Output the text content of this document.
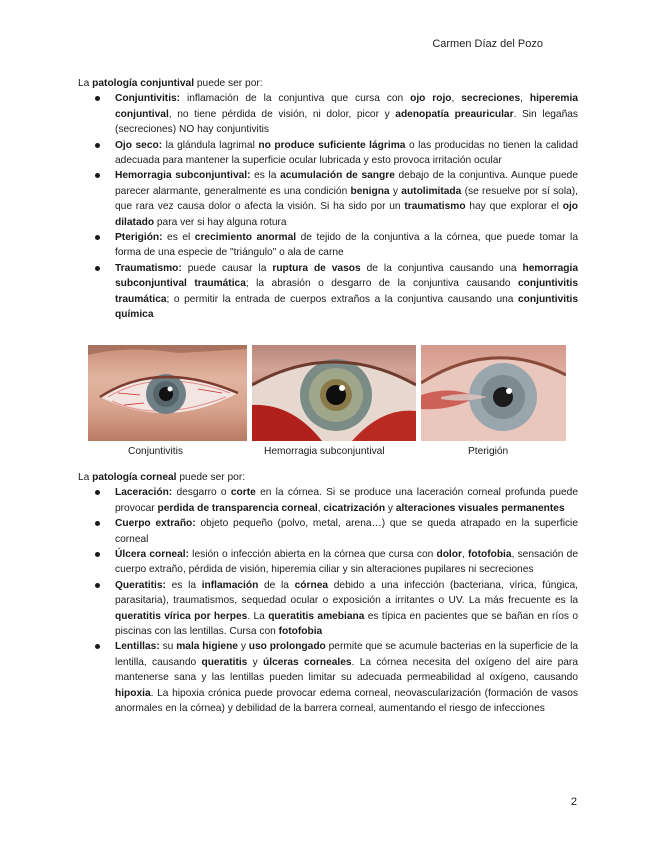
Carmen Díaz del Pozo

La patología conjuntival puede ser por:

Conjuntivitis: inflamación de la conjuntiva que cursa con ojo rojo, secreciones, hiperemia conjuntival, no tiene pérdida de visión, ni dolor, picor y adenopatía preauricular. Sin legañas (secreciones) NO hay conjuntivitis
Ojo seco: la glándula lagrimal no produce suficiente lágrima o las producidas no tienen la calidad adecuada para mantener la superficie ocular lubricada y esto provoca irritación ocular
Hemorragia subconjuntival: es la acumulación de sangre debajo de la conjuntiva. Aunque puede parecer alarmante, generalmente es una condición benigna y autolimitada (se resuelve por sí sola), que rara vez causa dolor o afecta la visión. Si ha sido por un traumatismo hay que explorar el ojo dilatado para ver si hay alguna rotura
Pterigión: es el crecimiento anormal de tejido de la conjuntiva a la córnea, que puede tomar la forma de una especie de "triángulo" o ala de carne
Traumatismo: puede causar la ruptura de vasos de la conjuntiva causando una hemorragia subconjuntival traumática; la abrasión o desgarro de la conjuntiva causando conjuntivitis traumática; o permitir la entrada de cuerpos extraños a la conjuntiva causando una conjuntivitis química
Conjuntivitis	Hemorragia subconjuntival	Pterigión

La patología corneal puede ser por:

Laceración: desgarro o corte en la córnea. Si se produce una laceración corneal profunda puede provocar perdida de transparencia corneal, cicatrización y alteraciones visuales permanentes
Cuerpo extraño: objeto pequeño (polvo, metal, arena…) que se queda atrapado en la superficie corneal
Úlcera corneal: lesión o infección abierta en la córnea que cursa con dolor, fotofobia, sensación de cuerpo extraño, pérdida de visión, hiperemia ciliar y sin alteraciones pupilares ni secreciones
Queratitis: es la inflamación de la córnea debido a una infección (bacteriana, vírica, fúngica, parasitaria), traumatismos, sequedad ocular o exposición a irritantes o UV. La más frecuente es la queratitis vírica por herpes. La queratitis amebiana es típica en pacientes que se bañan en ríos o piscinas con las lentillas. Cursa con fotofobia
Lentillas: su mala higiene y uso prolongado permite que se acumule bacterias en la superficie de la lentilla, causando queratitis y úlceras corneales. La córnea necesita del oxígeno del aire para mantenerse sana y las lentillas pueden limitar su adecuada permeabilidad al oxígeno, causando hipoxia. La hipoxia crónica puede provocar edema corneal, neovascularización (formación de vasos anormales en la córnea) y debilidad de la barrera corneal, aumentando el riesgo de infecciones
2
